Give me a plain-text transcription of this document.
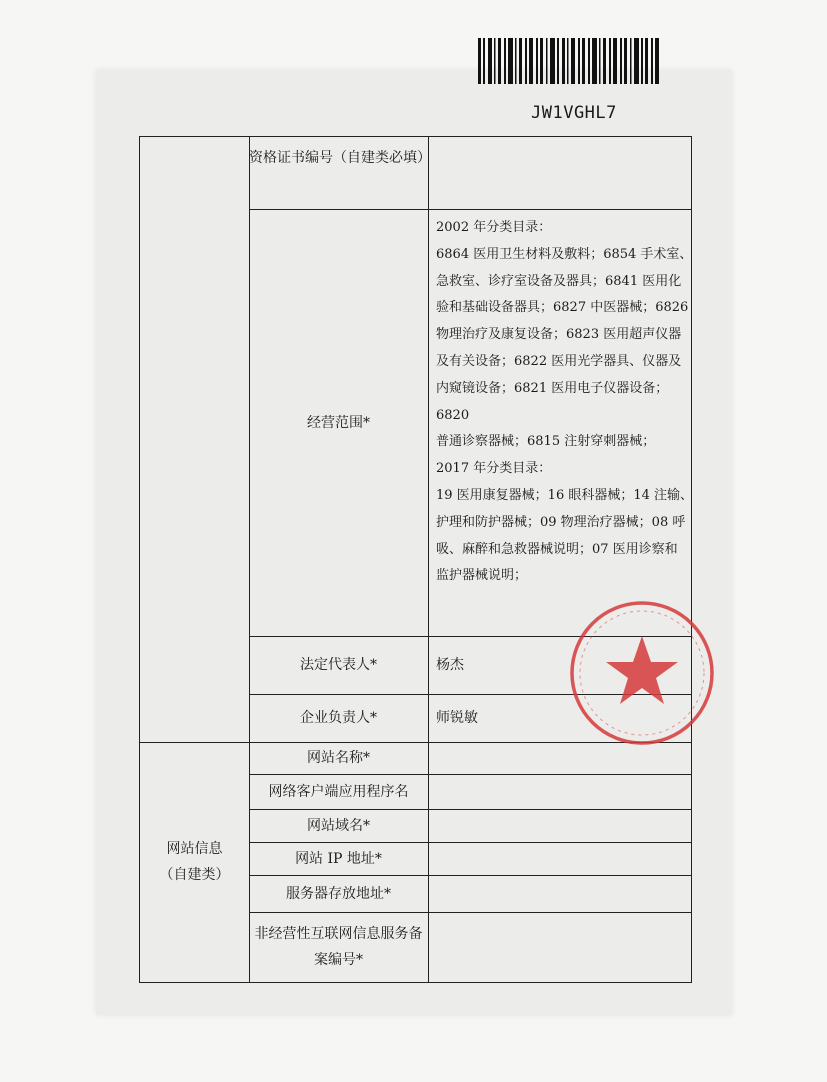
JW1VGHL7
资格证书编号（自建类必填）
经营范围*
2002 年分类目录：
6864 医用卫生材料及敷料；6854 手术室、
急救室、诊疗室设备及器具；6841 医用化
验和基础设备器具；6827 中医器械；6826
物理治疗及康复设备；6823 医用超声仪器
及有关设备；6822 医用光学器具、仪器及
内窥镜设备；6821 医用电子仪器设备；6820
普通诊察器械；6815 注射穿刺器械；
2017 年分类目录：
19 医用康复器械；16 眼科器械；14 注输、
护理和防护器械；09 物理治疗器械；08 呼
吸、麻醉和急救器械说明；07 医用诊察和
监护器械说明；
法定代表人*	杨杰
企业负责人*	师锐敏
网站信息
（自建类）
网站名称*
网络客户端应用程序名
网站域名*
网站 IP 地址*
服务器存放地址*
非经营性互联网信息服务备
案编号*
